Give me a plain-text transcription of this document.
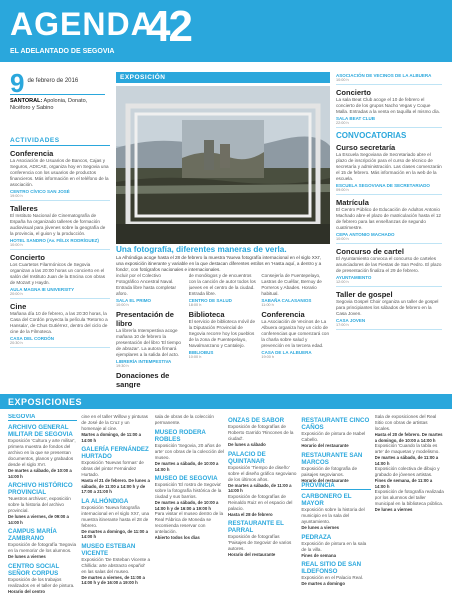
AGENDA
42
EL ADELANTADO DE SEGOVIA
9 de febrero de 2016
SANTORAL: Apolonia, Donato, Nicéforo y Sabino
ACTIVIDADES
Conferencia
La Asociación de Usuarios de Bancos, Cajas y Seguros, ADICAE, organiza hoy en Segovia una conferencia con los usuarios de productos financieros. Más información en el teléfono de la asociación.
CENTRO CÍVICO SAN JOSÉ
19:00 h
Talleres
El Instituto Nacional de Cinematografía de España ha organizado talleres de formación audiovisual para jóvenes sobre la geografía de la provincia, el guion y la producción.
HOTEL SANDRO (Av. FÉLIX RODRÍGUEZ)
10:00 h
Concierto
Los Cuartetos Filarmónicos de Segovia organizan a las 20:00 horas un concierto en el salón del Instituto Juan de la Encina con obras de Mozart y Haydn.
AULA MAGNA IE UNIVERSITY
20:00 h
Cine
Mañana día 10 de febrero, a las 20:30 horas, la Casa del Cordón proyecta la película 'Retorno a Hansala', de Chus Gutiérrez, dentro del ciclo de cine de la Filmoteca.
CASA DEL CORDÓN
20:30 h
EXPOSICIÓN
Una fotografía, diferentes maneras de verla.
La Alhóndiga acoge hasta el 28 de febrero la muestra 'Nueva fotografía internacional en el siglo XXI', una exposición itinerante y variable en la que destacan diferentes estilos en 'Hasta aquí, a dentro y a fondo', con fotógrafos nacionales e internacionales.
incluir por el Colectivo Fotográfico Ancestral Naval. Entrada libre hasta completar aforo.
SALA EL PRIMO
10:00 h
Presentación de libro
La librería Intempestiva acoge mañana 10 de febrero la presentación del libro 'El tiempo de abrazar'. La autora firmará ejemplares a la salida del acto.
LIBRERÍA INTEMPESTIVA
19:30 h
Donaciones de sangre
de monólogos y de encuentros con la canción de autor todos los jueves en el centro de la ciudad. Entrada libre.
CENTRO DE SALUD
18:00 h
Biblioteca
El servicio de biblioteca móvil de la Diputación Provincial de Segovia recorre hoy los pueblos de la zona de Fuentepelayo, Navalmanzano y Cantalejo.
BIBLIOBUS
10:00 h
Consejería de Fuentepelayo, Lastras de Cuéllar, Bernuy de Porreros y Abades. Horario habitual.
SABAÑA CALASANIOS
11:00 h
Conferencia
La Asociación de Vecinos de La Albuera organiza hoy un ciclo de conferencias que comenzará con la charla sobre salud y prevención en la tercera edad.
CASA DE LA ALBUERA
19:00 h
ASOCIACIÓN DE VECINOS DE LA ALBUERA
10:00 h
Concierto
La sala Beat Club acoge el 10 de febrero el concierto de los grupos Nacho Vegas y Coque Malla. Entradas a la venta en taquilla el mismo día.
SALA BEAT CLUB
22:00 h
CONVOCATORIAS
Curso secretaría
La Escuela Segoviana de Secretariado abre el plazo de inscripción para el curso de técnico de secretaría y administración. Las clases comenzarán el 15 de febrero. Más información en la web de la escuela.
ESCUELA SEGOVIANA DE SECRETARIADO
09:00 h
Matrícula
El Centro Público de Educación de Adultos Antonio Machado abre el plazo de matriculación hasta el 12 de febrero para las enseñanzas de segundo cuatrimestre.
CEPA ANTONIO MACHADO
10:00 h
Concurso de cartel
El Ayuntamiento convoca el concurso de carteles anunciadores de las Fiestas de San Pedro. El plazo de presentación finaliza el 29 de febrero.
AYUNTAMIENTO
12:00 h
Taller de gospel
Segovia Gospel Choir organiza un taller de gospel para principiantes los sábados de febrero en la Casa Joven.
CASA JOVEN
17:00 h
EXPOSICIONES
SEGOVIA
ARCHIVO GENERAL MILITAR DE SEGOVIA
Exposición 'Cultura y arte militar', primera muestra de fondos del archivo en la que se presentan documentos, planos y grabados desde el siglo XVI.
De martes a sábado, de 10:00 a 14:00 h
ARCHIVO HISTÓRICO PROVINCIAL
'Nuestros archivos', exposición sobre la historia del archivo provincial.
De lunes a viernes, de 09:00 a 14:00 h
CAMPUS MARÍA ZAMBRANO
Exposición de fotografía 'Segovia en la memoria' de los alumnos.
De lunes a viernes
CENTRO SOCIAL SEÑOR CORPUS
Exposición de los trabajos realizados en el taller de pintura.
Horario del centro
cine en el taller Willow y pinturas de José de la Cruz y un homenaje al cine.
Martes a domingo, de 11:00 a 14:00 h
GALERÍA FERNÁNDEZ HURTADO
Exposición 'Nuevas formas' de obras del pintor Fernández Hurtado.
Hasta el 21 de febrero. De lunes a sábado, de 11:00 a 14:00 h y de 17:00 a 21:00 h
LA ALHÓNDIGA
Exposición 'Nueva fotografía internacional en el siglo XXI', una muestra itinerante hasta el 28 de febrero.
De martes a domingo, de 11:00 a 14:00 h
MUSEO ESTEBAN VICENTE
Exposición 'De Esteban Vicente a Chillida: arte abstracto español' en las salas del museo.
De martes a viernes, de 11:00 a 14:00 h y de 16:00 a 19:00 h
sala de obras de la colección permanente.
MUSEO RODERA ROBLES
Exposición 'Segovia, 20 años de arte' con obras de la colección del museo.
De martes a sábado, de 10:00 a 14:00 h
MUSEO DE SEGOVIA
Exposición 'El rostro de Segovia' sobre la fotografía histórica de la ciudad y sus barrios.
De martes a sábado, de 10:00 a 14:00 h y de 16:00 a 19:00 h
Para visitar el museo dentro de la Real Fábrica de Moneda se recomienda reservar con antelación.
Abierto todos los días
ONZAS DE SABOR
Exposición de fotografías de Roberto Garrido 'Rincones de la ciudad'.
De lunes a sábado
PALACIO DE QUINTANAR
Exposición 'Tiempo de diseño' sobre el diseño gráfico segoviano de los últimos años.
De martes a sábado, de 11:00 a 14:00 h
Exposición de fotografías de Reinaldo Ruiz en el espacio del palacio.
Hasta el 28 de febrero
RESTAURANTE EL PARRAL
Exposición de fotografías 'Paisajes de Segovia' de varios autores.
Horario del restaurante
RESTAURANTE CINCO CAÑOS
Exposición de pintura de Isabel Cabello.
Horario del restaurante
RESTAURANTE SAN MARCOS
Exposición de fotografía de paisajes segovianos.
Horario del restaurante
PROVINCIA
CARBONERO EL MAYOR
Exposición sobre la historia del municipio en la sala del ayuntamiento.
De lunes a viernes
PEDRAZA
Exposición de pintura en la sala de la villa.
Fines de semana
REAL SITIO DE SAN ILDEFONSO
Exposición en el Palacio Real.
De martes a domingo
Sala de exposiciones del Real Sitio con obras de artistas locales.
Hasta el 20 de febrero. De martes a domingo, de 10:00 a 14:00 h
Exposición 'Cuando la tabla es arte' de maquetas y modelismo.
De martes a sábado, de 11:00 a 14:00 h
Exposición colectiva de dibujo y grabado de jóvenes artistas.
Fines de semana, de 11:00 a 14:00 h
Exposición de fotografía realizada por los alumnos del taller municipal en la biblioteca pública.
De lunes a viernes
